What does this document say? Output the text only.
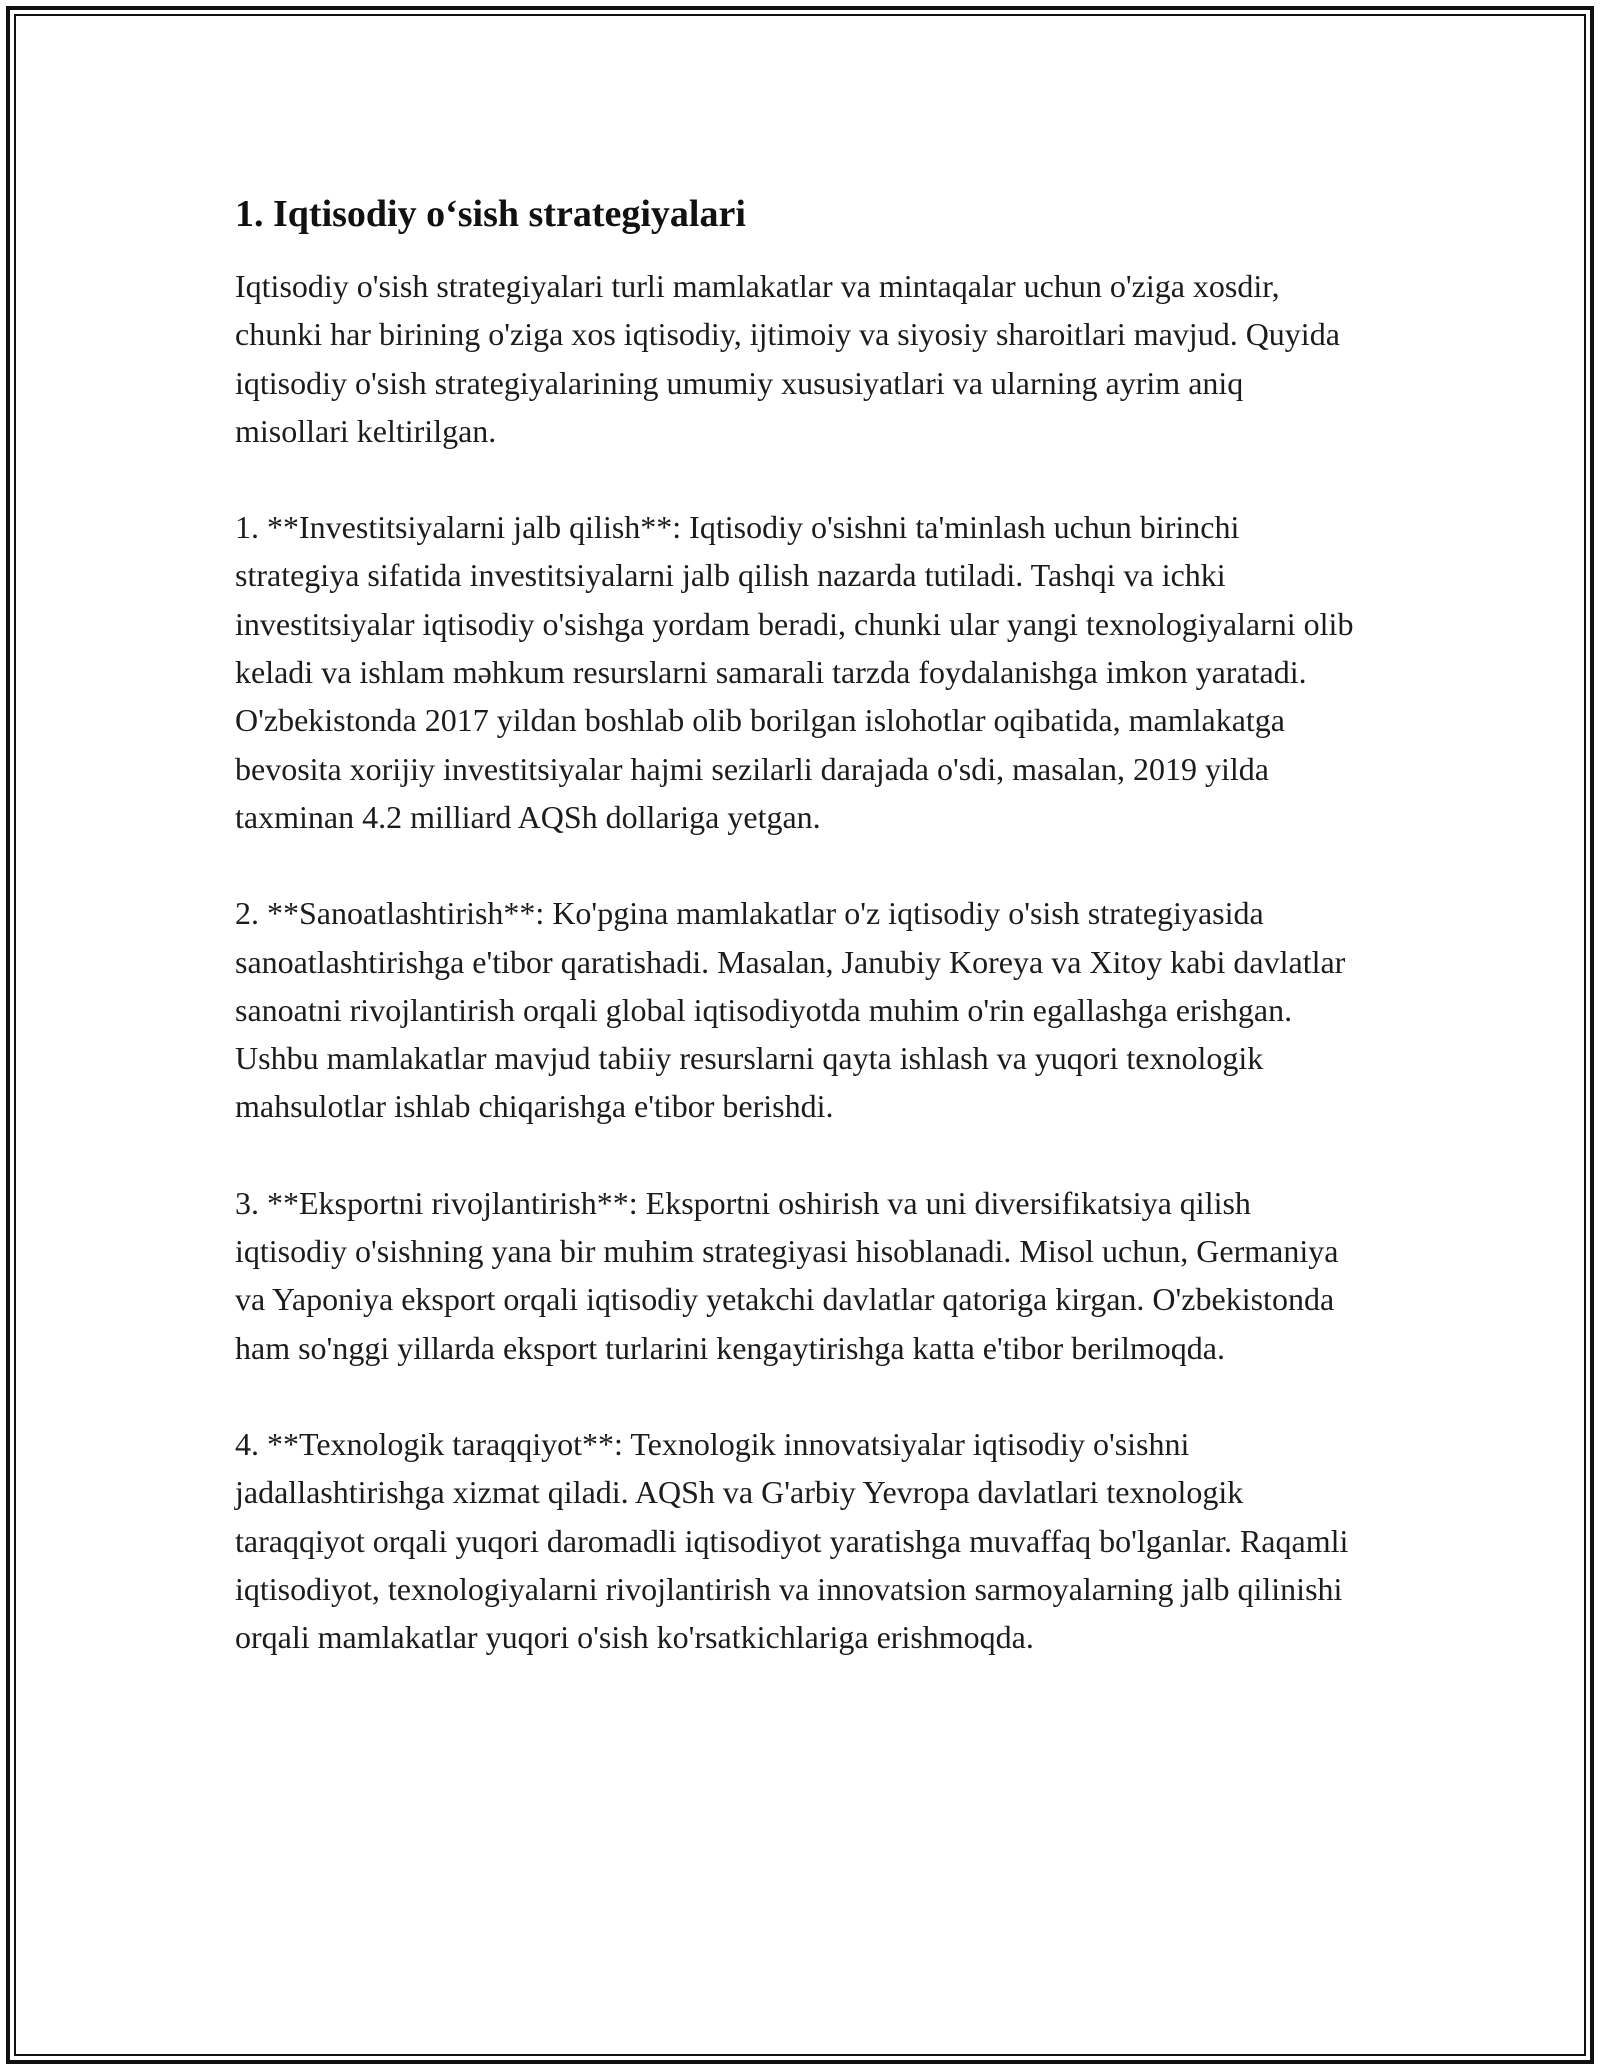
1. Iqtisodiy o‘sish strategiyalari

Iqtisodiy o'sish strategiyalari turli mamlakatlar va mintaqalar uchun o'ziga xosdir, chunki har birining o'ziga xos iqtisodiy, ijtimoiy va siyosiy sharoitlari mavjud. Quyida iqtisodiy o'sish strategiyalarining umumiy xususiyatlari va ularning ayrim aniq misollari keltirilgan.

1. **Investitsiyalarni jalb qilish**: Iqtisodiy o'sishni ta'minlash uchun birinchi strategiya sifatida investitsiyalarni jalb qilish nazarda tutiladi. Tashqi va ichki investitsiyalar iqtisodiy o'sishga yordam beradi, chunki ular yangi texnologiyalarni olib keladi va ishlam məhkum resurslarni samarali tarzda foydalanishga imkon yaratadi. O'zbekistonda 2017 yildan boshlab olib borilgan islohotlar oqibatida, mamlakatga bevosita xorijiy investitsiyalar hajmi sezilarli darajada o'sdi, masalan, 2019 yilda taxminan 4.2 milliard AQSh dollariga yetgan.

2. **Sanoatlashtirish**: Ko'pgina mamlakatlar o'z iqtisodiy o'sish strategiyasida sanoatlashtirishga e'tibor qaratishadi. Masalan, Janubiy Koreya va Xitoy kabi davlatlar sanoatni rivojlantirish orqali global iqtisodiyotda muhim o'rin egallashga erishgan. Ushbu mamlakatlar mavjud tabiiy resurslarni qayta ishlash va yuqori texnologik mahsulotlar ishlab chiqarishga e'tibor berishdi.

3. **Eksportni rivojlantirish**: Eksportni oshirish va uni diversifikatsiya qilish iqtisodiy o'sishning yana bir muhim strategiyasi hisoblanadi. Misol uchun, Germaniya va Yaponiya eksport orqali iqtisodiy yetakchi davlatlar qatoriga kirgan. O'zbekistonda ham so'nggi yillarda eksport turlarini kengaytirishga katta e'tibor berilmoqda.

4. **Texnologik taraqqiyot**: Texnologik innovatsiyalar iqtisodiy o'sishni jadallashtirishga xizmat qiladi. AQSh va G'arbiy Yevropa davlatlari texnologik taraqqiyot orqali yuqori daromadli iqtisodiyot yaratishga muvaffaq bo'lganlar. Raqamli iqtisodiyot, texnologiyalarni rivojlantirish va innovatsion sarmoyalarning jalb qilinishi orqali mamlakatlar yuqori o'sish ko'rsatkichlariga erishmoqda.
